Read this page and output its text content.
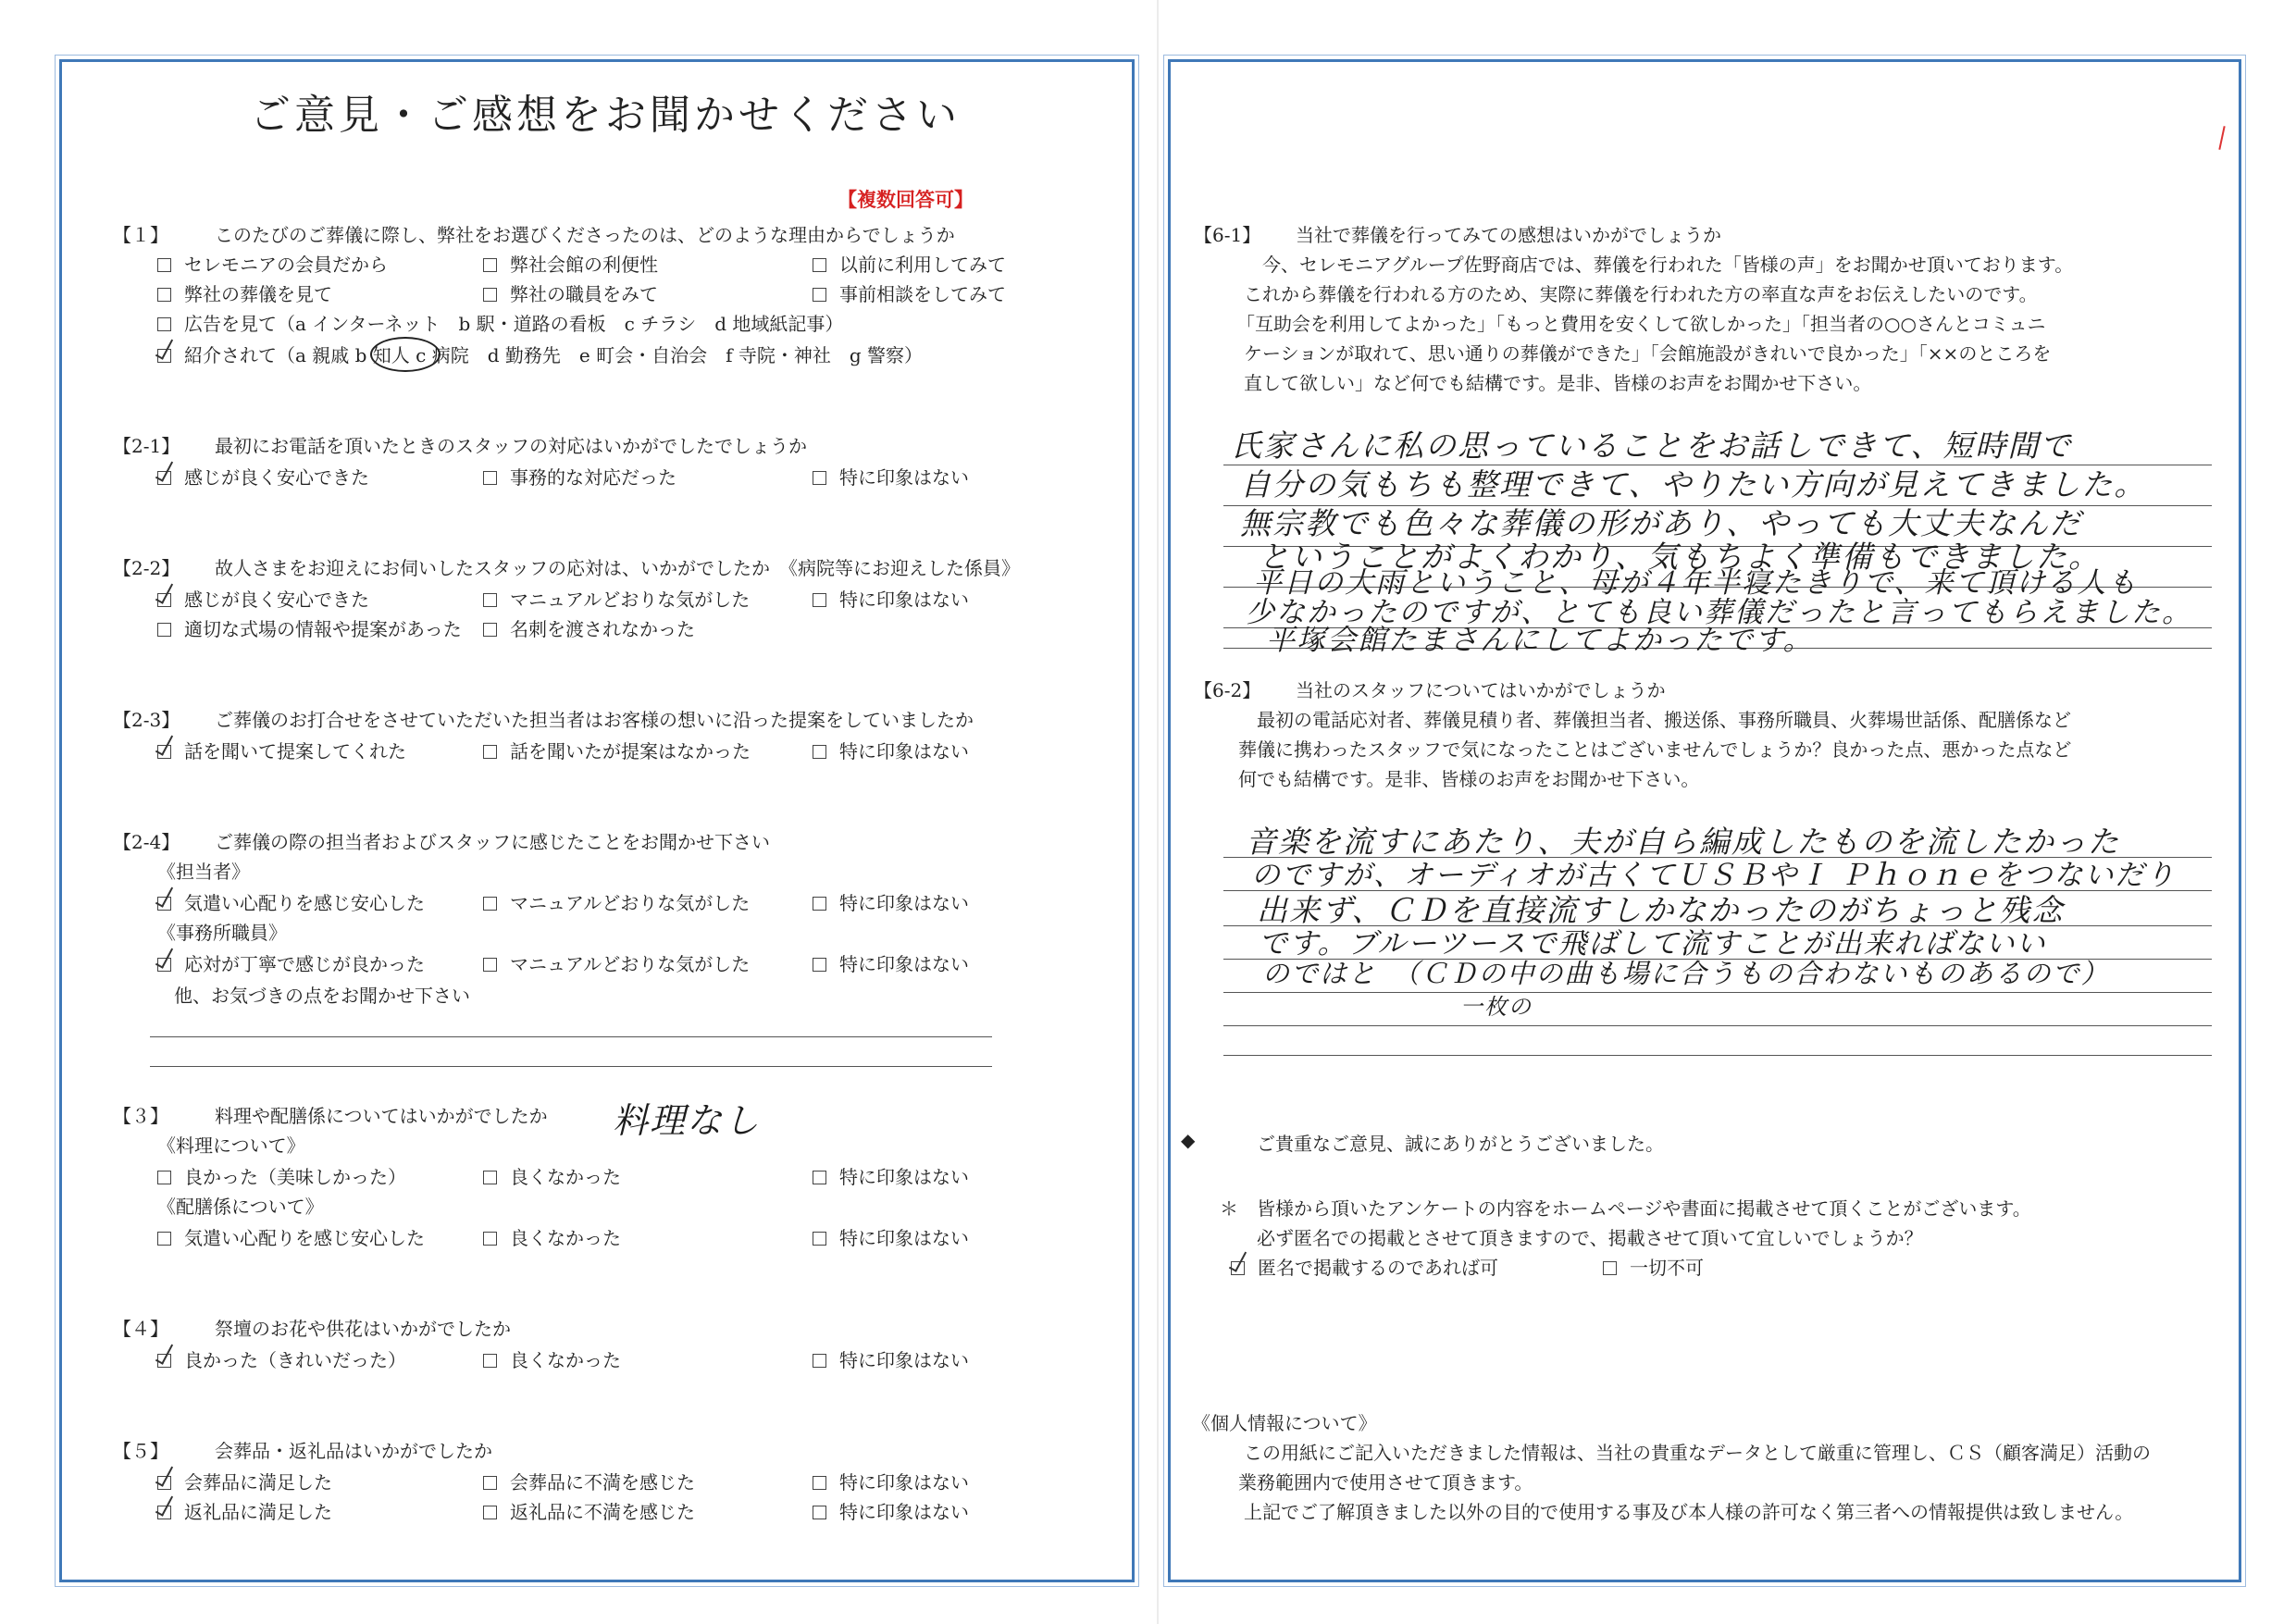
ご意見・ご感想をお聞かせください
【複数回答可】
【１】	このたびのご葬儀に際し、弊社をお選びくださったのは、どのような理由からでしょうか
セレモニアの会員だから	弊社会館の利便性	以前に利用してみて
弊社の葬儀を見て	弊社の職員をみて	事前相談をしてみて
広告を見て（a インターネット　b 駅・道路の看板　c チラシ　d 地域紙記事）
紹介されて（a 親戚 b 知人 c 病院　d 勤務先　e 町会・自治会　f 寺院・神社　g 警察）
【2-1】 最初にお電話を頂いたときのスタッフの対応はいかがでしたでしょうか
感じが良く安心できた	事務的な対応だった	特に印象はない
【2-2】 故人さまをお迎えにお伺いしたスタッフの応対は、いかがでしたか　《病院等にお迎えした係員》
感じが良く安心できた	マニュアルどおりな気がした	特に印象はない
適切な式場の情報や提案があった	名刺を渡されなかった
【2-3】 ご葬儀のお打合せをさせていただいた担当者はお客様の想いに沿った提案をしていましたか
話を聞いて提案してくれた	話を聞いたが提案はなかった	特に印象はない
【2-4】 ご葬儀の際の担当者およびスタッフに感じたことをお聞かせ下さい
《担当者》
気遣い心配りを感じ安心した	マニュアルどおりな気がした	特に印象はない
《事務所職員》
応対が丁寧で感じが良かった	マニュアルどおりな気がした	特に印象はない
他、お気づきの点をお聞かせ下さい
【３】	料理や配膳係についてはいかがでしたか 料理なし
《料理について》
良かった（美味しかった）	良くなかった	特に印象はない
《配膳係について》
気遣い心配りを感じ安心した	良くなかった	特に印象はない
【４】	祭壇のお花や供花はいかがでしたか
良かった（きれいだった）	良くなかった	特に印象はない
【５】	会葬品・返礼品はいかがでしたか
会葬品に満足した	会葬品に不満を感じた	特に印象はない
返礼品に満足した	返礼品に不満を感じた	特に印象はない
【6-1】 当社で葬儀を行ってみての感想はいかがでしょうか
今、セレモニアグループ佐野商店では、葬儀を行われた「皆様の声」をお聞かせ頂いております。
これから葬儀を行われる方のため、実際に葬儀を行われた方の率直な声をお伝えしたいのです。
「互助会を利用してよかった」「もっと費用を安くして欲しかった」「担当者の○○さんとコミュニ
ケーションが取れて、思い通りの葬儀ができた」「会館施設がきれいで良かった」「××のところを
直して欲しい」など何でも結構です。是非、皆様のお声をお聞かせ下さい。
氏家さんに私の思っていることをお話しできて、短時間で
自分の気もちも整理できて、やりたい方向が見えてきました。
無宗教でも色々な葬儀の形があり、やっても大丈夫なんだ
ということがよくわかり、気もちよく準備もできました。
平日の大雨ということ、母が４年半寝たきりで、来て頂ける人も
少なかったのですが、とても良い葬儀だったと言ってもらえました。
平塚会館たまさんにしてよかったです。
【6-2】 当社のスタッフについてはいかがでしょうか
最初の電話応対者、葬儀見積り者、葬儀担当者、搬送係、事務所職員、火葬場世話係、配膳係など
葬儀に携わったスタッフで気になったことはございませんでしょうか？良かった点、悪かった点など
何でも結構です。是非、皆様のお声をお聞かせ下さい。
音楽を流すにあたり、夫が自ら編成したものを流したかった
のですが、オーディオが古くてＵＳＢやＩ Ｐｈｏｎｅをつないだり
出来ず、ＣＤを直接流すしかなかったのがちょっと残念
です。ブルーツースで飛ばして流すことが出来ればないい
のではと　（ＣＤの中の曲も場に合うもの合わないものあるので）
一枚の
◆	ご貴重なご意見、誠にありがとうございました。
＊ 皆様から頂いたアンケートの内容をホームページや書面に掲載させて頂くことがございます。
必ず匿名での掲載とさせて頂きますので、掲載させて頂いて宜しいでしょうか？
匿名で掲載するのであれば可	一切不可
《個人情報について》
この用紙にご記入いただきました情報は、当社の貴重なデータとして厳重に管理し、ＣＳ（顧客満足）活動の
業務範囲内で使用させて頂きます。
上記でご了解頂きました以外の目的で使用する事及び本人様の許可なく第三者への情報提供は致しません。
